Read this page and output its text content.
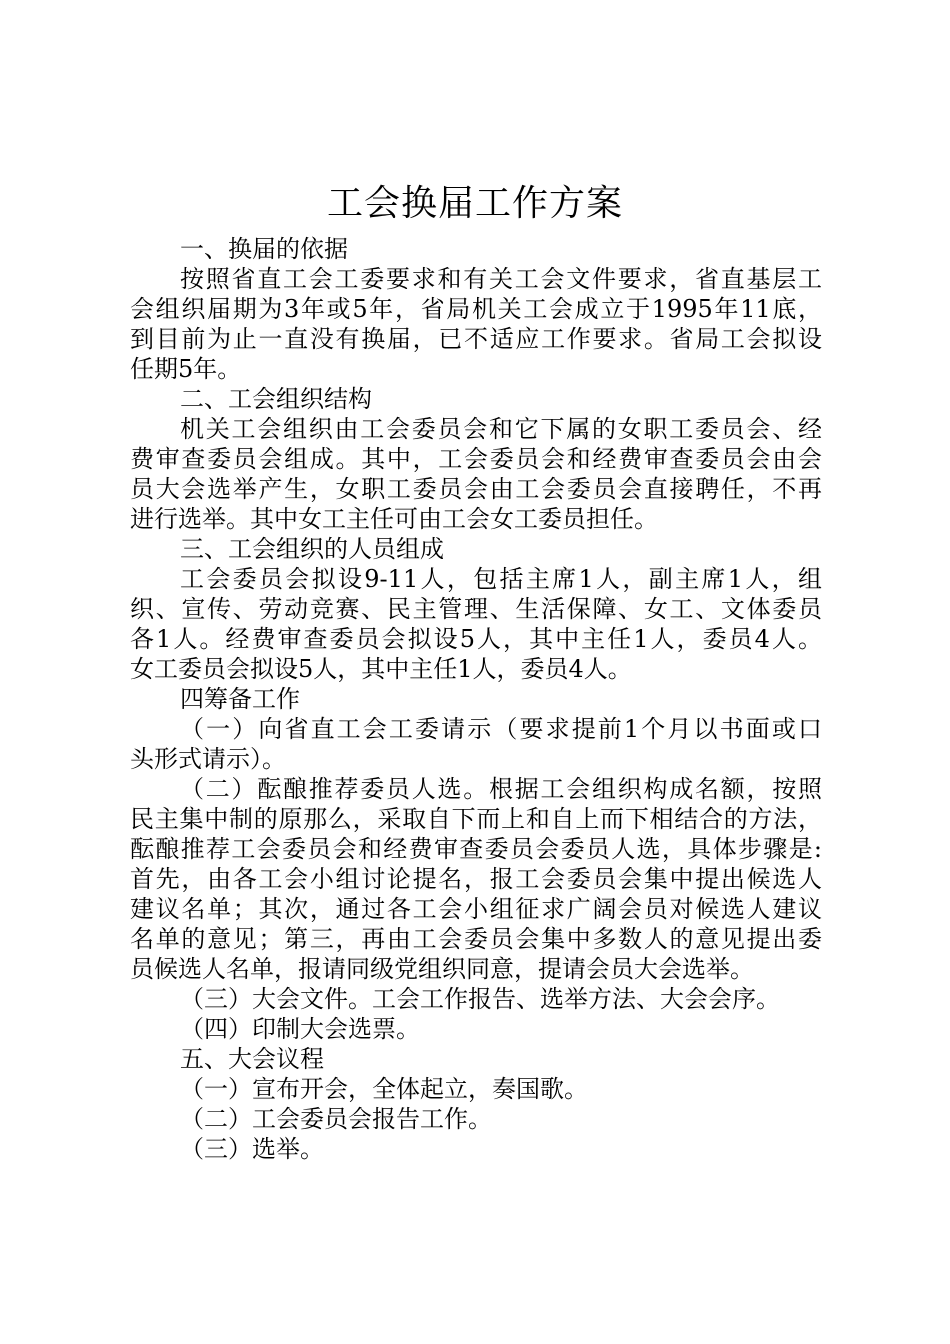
工会换届工作方案
一、换届的依据
按照省直工会工委要求和有关工会文件要求，省直基层工
会组织届期为3年或5年，省局机关工会成立于1995年11底，
到目前为止一直没有换届，已不适应工作要求。省局工会拟设
任期5年。
二、工会组织结构
机关工会组织由工会委员会和它下属的女职工委员会、经
费审查委员会组成。其中，工会委员会和经费审查委员会由会
员大会选举产生，女职工委员会由工会委员会直接聘任，不再
进行选举。其中女工主任可由工会女工委员担任。
三、工会组织的人员组成
工会委员会拟设9-11人，包括主席1人，副主席1人，组
织、宣传、劳动竞赛、民主管理、生活保障、女工、文体委员
各1人。经费审查委员会拟设5人，其中主任1人，委员4人。
女工委员会拟设5人，其中主任1人，委员4人。
四筹备工作
（一）向省直工会工委请示（要求提前1个月以书面或口
头形式请示）。
（二）酝酿推荐委员人选。根据工会组织构成名额，按照
民主集中制的原那么，采取自下而上和自上而下相结合的方法，
酝酿推荐工会委员会和经费审查委员会委员人选，具体步骤是:
首先，由各工会小组讨论提名，报工会委员会集中提出候选人
建议名单；其次，通过各工会小组征求广阔会员对候选人建议
名单的意见；第三，再由工会委员会集中多数人的意见提出委
员候选人名单，报请同级党组织同意，提请会员大会选举。
（三）大会文件。工会工作报告、选举方法、大会会序。
（四）印制大会选票。
五、大会议程
（一）宣布开会，全体起立，奏国歌。
（二）工会委员会报告工作。
（三）选举。
